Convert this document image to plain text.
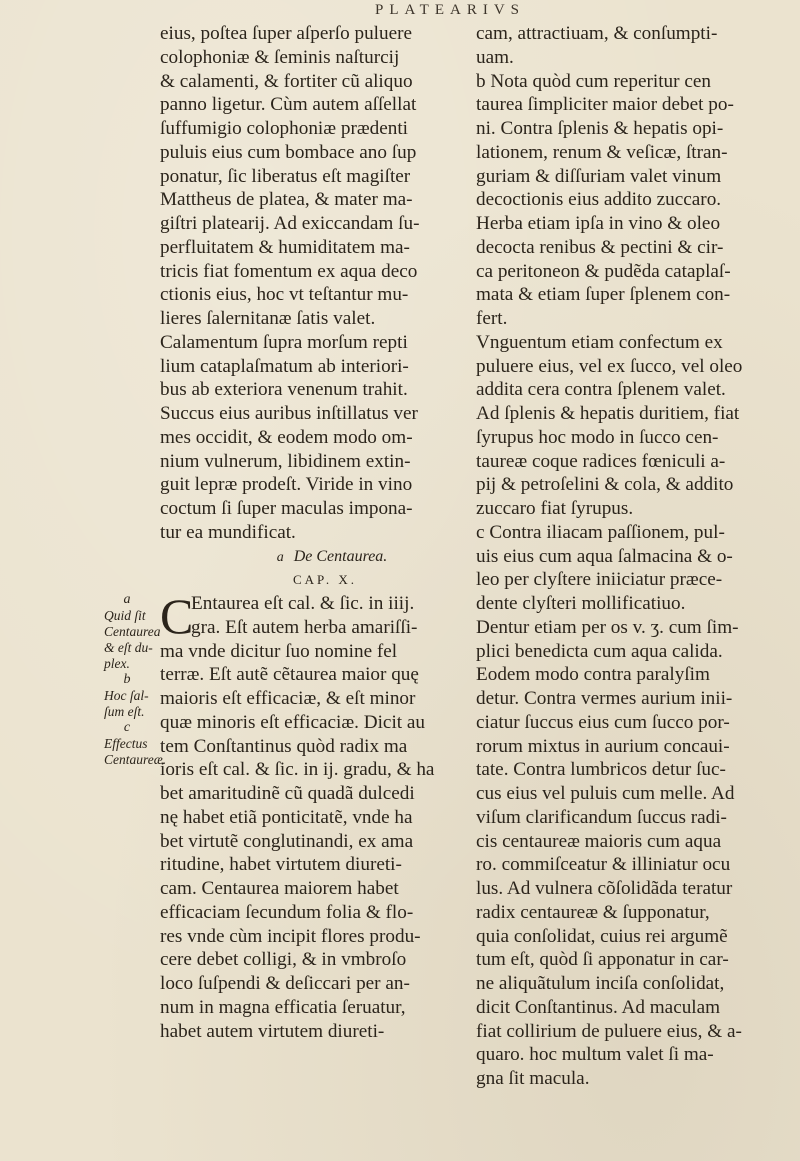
PLATEARIVS
eius, poſtea ſuper aſperſo puluere
colophoniæ & ſeminis naſturcij
& calamenti, & fortiter cũ aliquo
panno ligetur. Cùm autem aſſellat
ſuffumigio colophoniæ prædenti
puluis eius cum bombace ano ſup
ponatur, ſic liberatus eſt magiſter
Mattheus de platea, & mater ma-
giſtri platearij. Ad exiccandam ſu-
perfluitatem & humiditatem ma-
tricis fiat fomentum ex aqua deco
ctionis eius, hoc vt teſtantur mu-
lieres ſalernitanæ ſatis valet.
Calamentum ſupra morſum repti
lium cataplaſmatum ab interiori-
bus ab exteriora venenum trahit.
Succus eius auribus inſtillatus ver
mes occidit, & eodem modo om-
nium vulnerum, libidinem extin-
guit lepræ prodeſt. Viride in vino
coctum ſi ſuper maculas impona-
tur ea mundificat.
a De Centaurea.
CAP. X.
C
Entaurea eſt cal. & ſic. in iiij.
gra. Eſt autem herba amariſſi-
ma vnde dicitur ſuo nomine fel
terræ. Eſt autẽ cẽtaurea maior quę
maioris eſt efficaciæ, & eſt minor
quæ minoris eſt efficaciæ. Dicit au
tem Conſtantinus quòd radix ma
ioris eſt cal. & ſic. in ij. gradu, & ha
bet amaritudinẽ cũ quadã dulcedi
nę habet etiã ponticitatẽ, vnde ha
bet virtutẽ conglutinandi, ex ama
ritudine, habet virtutem diureti-
cam. Centaurea maiorem habet
efficaciam ſecundum folia & flo-
res vnde cùm incipit flores produ-
cere debet colligi, & in vmbroſo
loco ſuſpendi & deſiccari per an-
num in magna efficatia ſeruatur,
habet autem virtutem diureti-
cam, attractiuam, & conſumpti-
uam.
b Nota quòd cum reperitur cen
taurea ſimpliciter maior debet po-
ni. Contra ſplenis & hepatis opi-
lationem, renum & veſicæ, ſtran-
guriam & diſſuriam valet vinum
decoctionis eius addito zuccaro.
Herba etiam ipſa in vino & oleo
decocta renibus & pectini & cir-
ca peritoneon & pudẽda cataplaſ-
mata & etiam ſuper ſplenem con-
fert.
Vnguentum etiam confectum ex
puluere eius, vel ex ſucco, vel oleo
addita cera contra ſplenem valet.
Ad ſplenis & hepatis duritiem, fiat
ſyrupus hoc modo in ſucco cen-
taureæ coque radices fœniculi a-
pij & petroſelini & cola, & addito
zuccaro fiat ſyrupus.
c Contra iliacam paſſionem, pul-
uis eius cum aqua ſalmacina & o-
leo per clyſtere iniiciatur præce-
dente clyſteri mollificatiuo.
Dentur etiam per os v. ʒ. cum ſim-
plici benedicta cum aqua calida.
Eodem modo contra paralyſim
detur. Contra vermes aurium inii-
ciatur ſuccus eius cum ſucco por-
rorum mixtus in aurium concaui-
tate. Contra lumbricos detur ſuc-
cus eius vel puluis cum melle. Ad
viſum clarificandum ſuccus radi-
cis centaureæ maioris cum aqua
ro. commiſceatur & illiniatur ocu
lus. Ad vulnera cõſolidãda teratur
radix centaureæ & ſupponatur,
quia conſolidat, cuius rei argumẽ
tum eſt, quòd ſi apponatur in car-
ne aliquãtulum inciſa conſolidat,
dicit Conſtantinus. Ad maculam
fiat collirium de puluere eius, & a-
quaro. hoc multum valet ſi ma-
gna ſit macula.
a
Quid ſit
Centaurea
& eſt du-
plex.
b
Hoc ſal-
ſum eſt.
c
Effectus
Centaureæ.
